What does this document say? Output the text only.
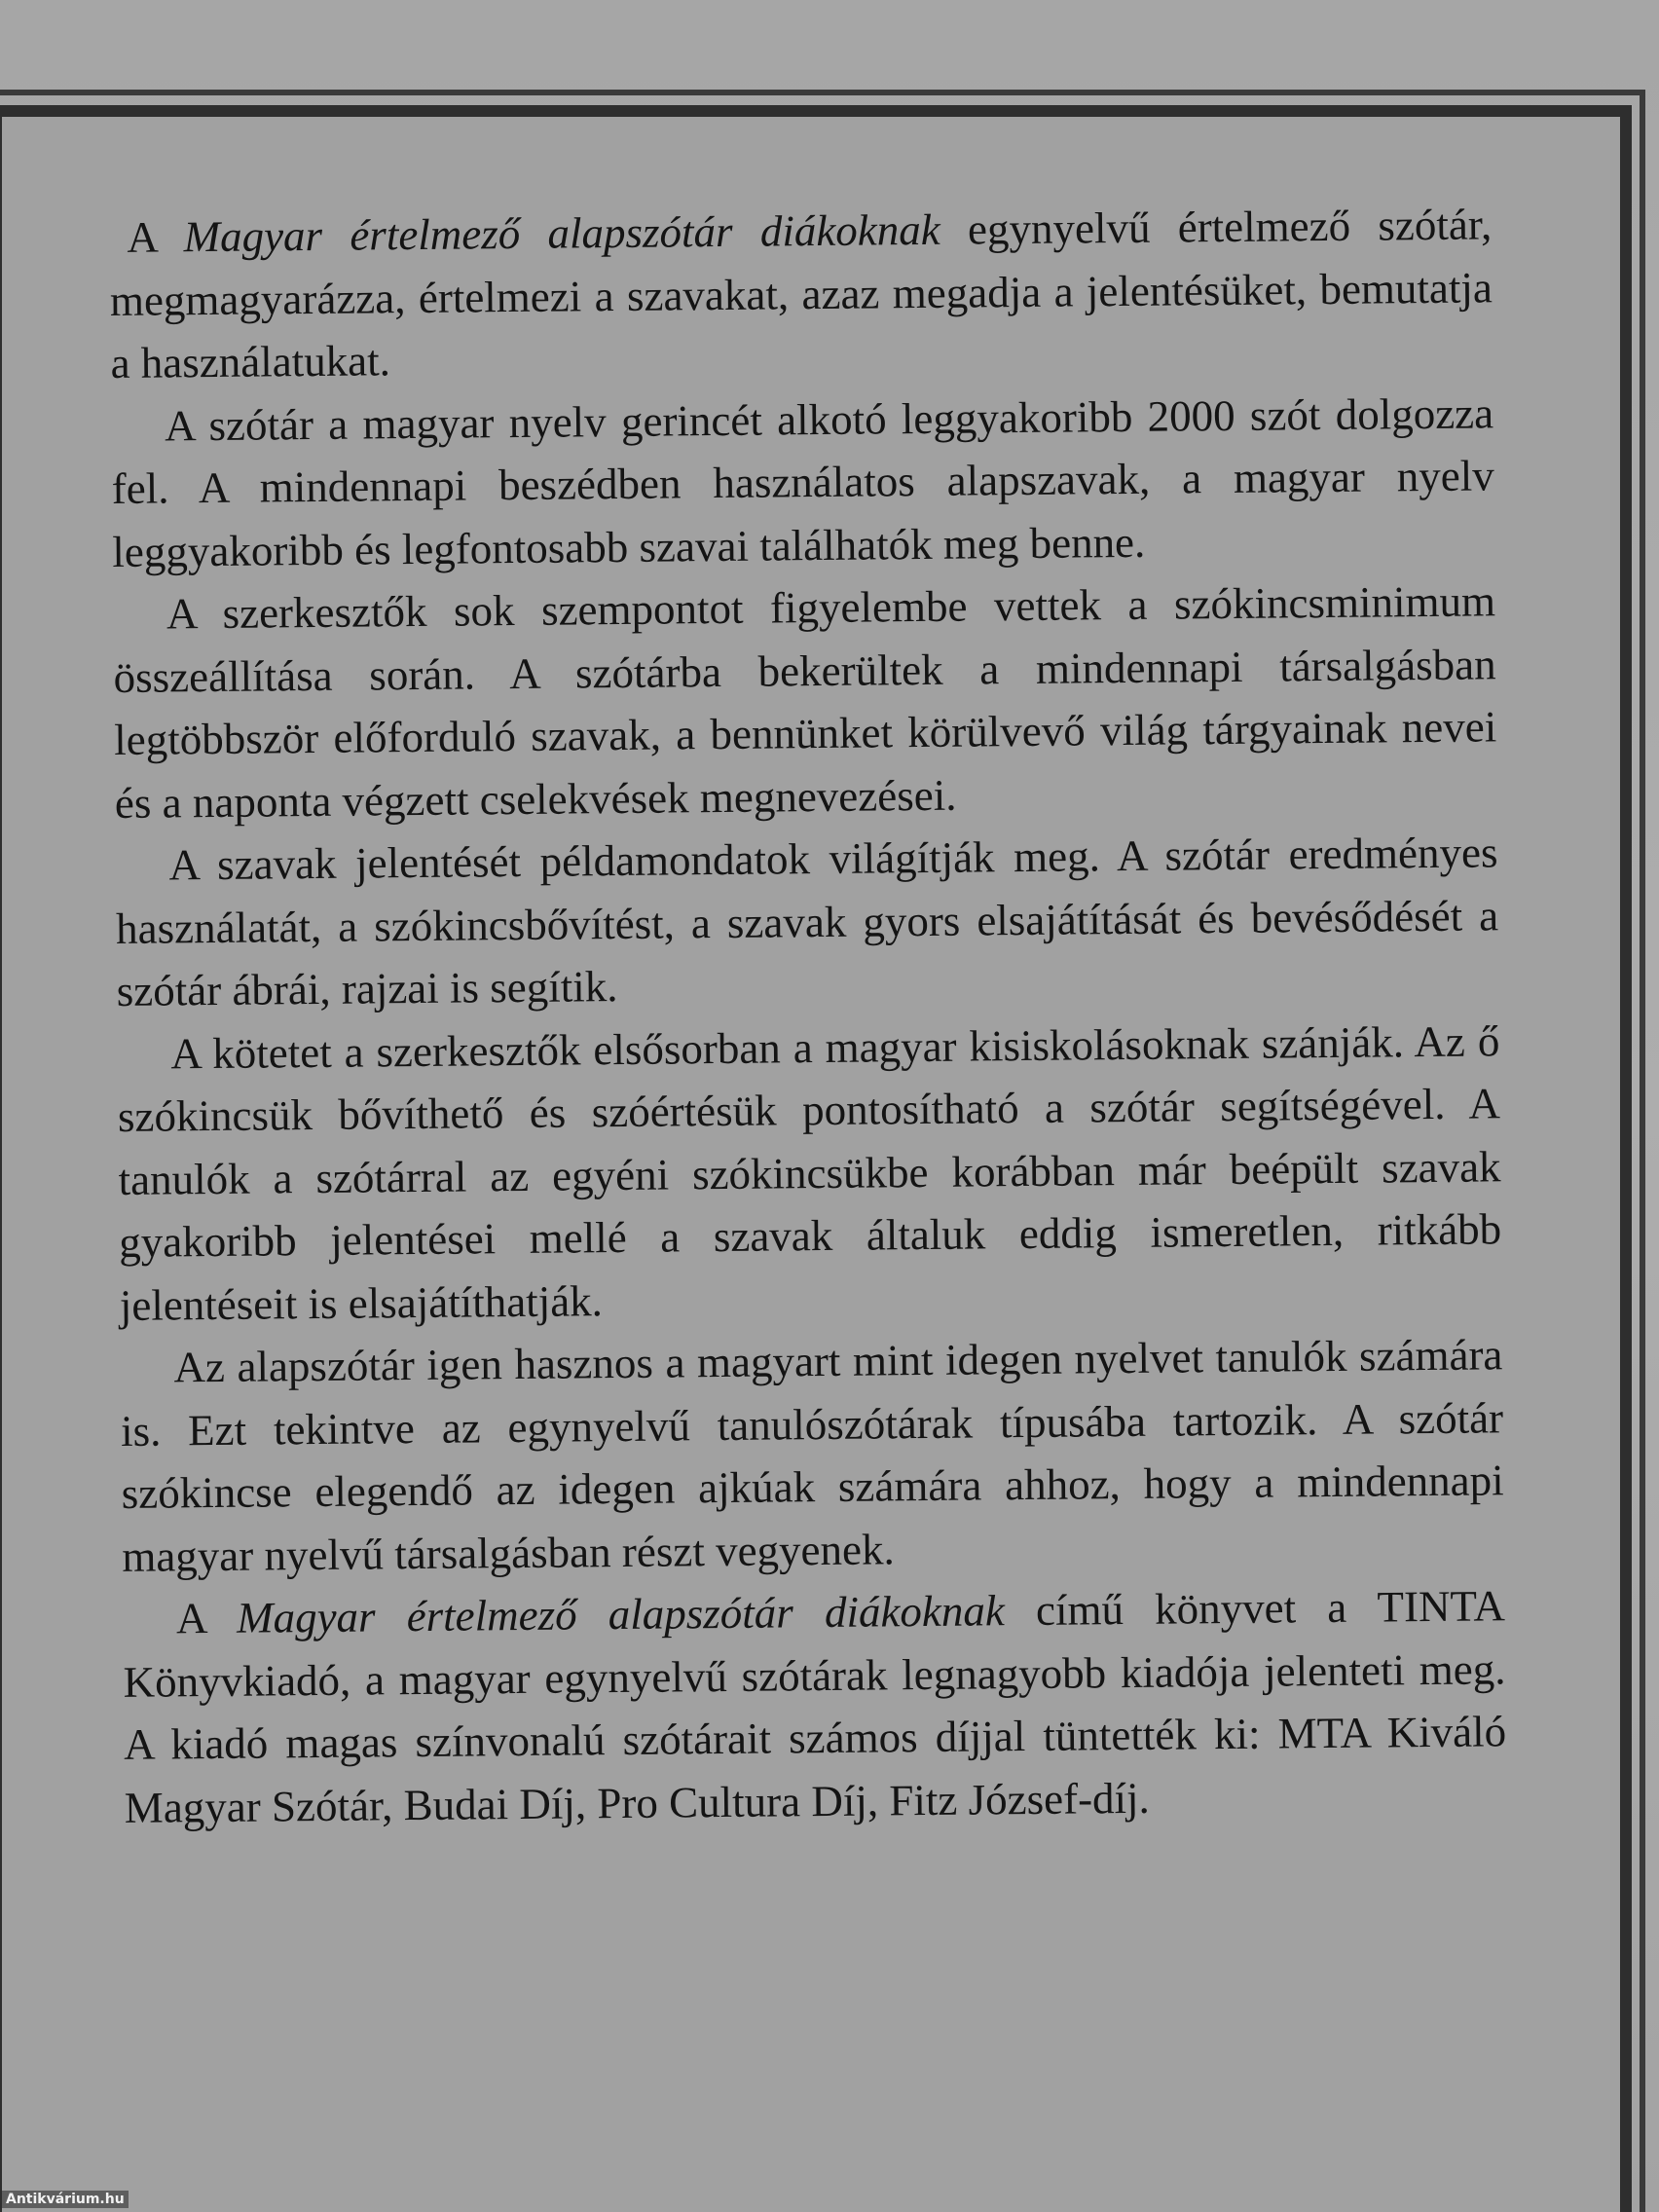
A Magyar értelmező alapszótár diákoknak egynyelvű értelmező szótár, megmagyarázza, értelmezi a szavakat, azaz megadja a jelentésüket, bemutatja a használatukat.

A szótár a magyar nyelv gerincét alkotó leggyakoribb 2000 szót dolgozza fel. A mindennapi beszédben használatos alapszavak, a magyar nyelv leggyakoribb és legfontosabb szavai találhatók meg benne.

A szerkesztők sok szempontot figyelembe vettek a szókincsminimum összeállítása során. A szótárba bekerültek a mindennapi társalgásban legtöbbször előforduló szavak, a bennünket körülvevő világ tárgyainak nevei és a naponta végzett cselekvések megnevezései.

A szavak jelentését példamondatok világítják meg. A szótár eredményes használatát, a szókincsbővítést, a szavak gyors elsajátítását és bevésődését a szótár ábrái, rajzai is segítik.

A kötetet a szerkesztők elsősorban a magyar kisiskolásoknak szánják. Az ő szókincsük bővíthető és szóértésük pontosítható a szótár segítségével. A tanulók a szótárral az egyéni szókincsükbe korábban már beépült szavak gyakoribb jelentései mellé a szavak általuk eddig ismeretlen, ritkább jelentéseit is elsajátíthatják.

Az alapszótár igen hasznos a magyart mint idegen nyelvet tanulók számára is. Ezt tekintve az egynyelvű tanulószótárak típusába tartozik. A szótár szókincse elegendő az idegen ajkúak számára ahhoz, hogy a mindennapi magyar nyelvű társalgásban részt vegyenek.

A Magyar értelmező alapszótár diákoknak című könyvet a TINTA Könyvkiadó, a magyar egynyelvű szótárak legnagyobb kiadója jelenteti meg. A kiadó magas színvonalú szótárait számos díjjal tüntették ki: MTA Kiváló Magyar Szótár, Budai Díj, Pro Cultura Díj, Fitz József-díj.

Antikvárium.hu
